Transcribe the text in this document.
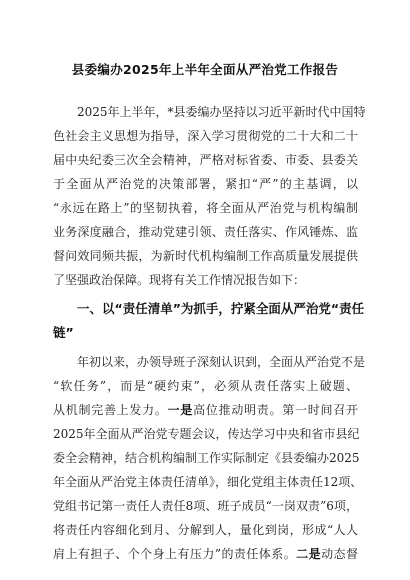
县委编办2025年上半年全面从严治党工作报告
2025年上半年，*县委编办坚持以习近平新时代中国特
色社会主义思想为指导，深入学习贯彻党的二十大和二十
届中央纪委三次全会精神，严格对标省委、市委、县委关
于全面从严治党的决策部署，紧扣“严”的主基调，以
“永远在路上”的坚韧执着，将全面从严治党与机构编制
业务深度融合，推动党建引领、责任落实、作风锤炼、监
督问效同频共振，为新时代机构编制工作高质量发展提供
了坚强政治保障。现将有关工作情况报告如下：
一、以“责任清单”为抓手，拧紧全面从严治党“责任
链”
年初以来，办领导班子深刻认识到，全面从严治党不是
“软任务”，而是“硬约束”，必须从责任落实上破题、
从机制完善上发力。一是高位推动明责。第一时间召开
2025年全面从严治党专题会议，传达学习中央和省市县纪
委全会精神，结合机构编制工作实际制定《县委编办2025
年全面从严治党主体责任清单》，细化党组主体责任12项、
党组书记第一责任人责任8项、班子成员“一岗双责”6项，
将责任内容细化到月、分解到人，量化到岗，形成“人人
肩上有担子、个个身上有压力”的责任体系。二是动态督
